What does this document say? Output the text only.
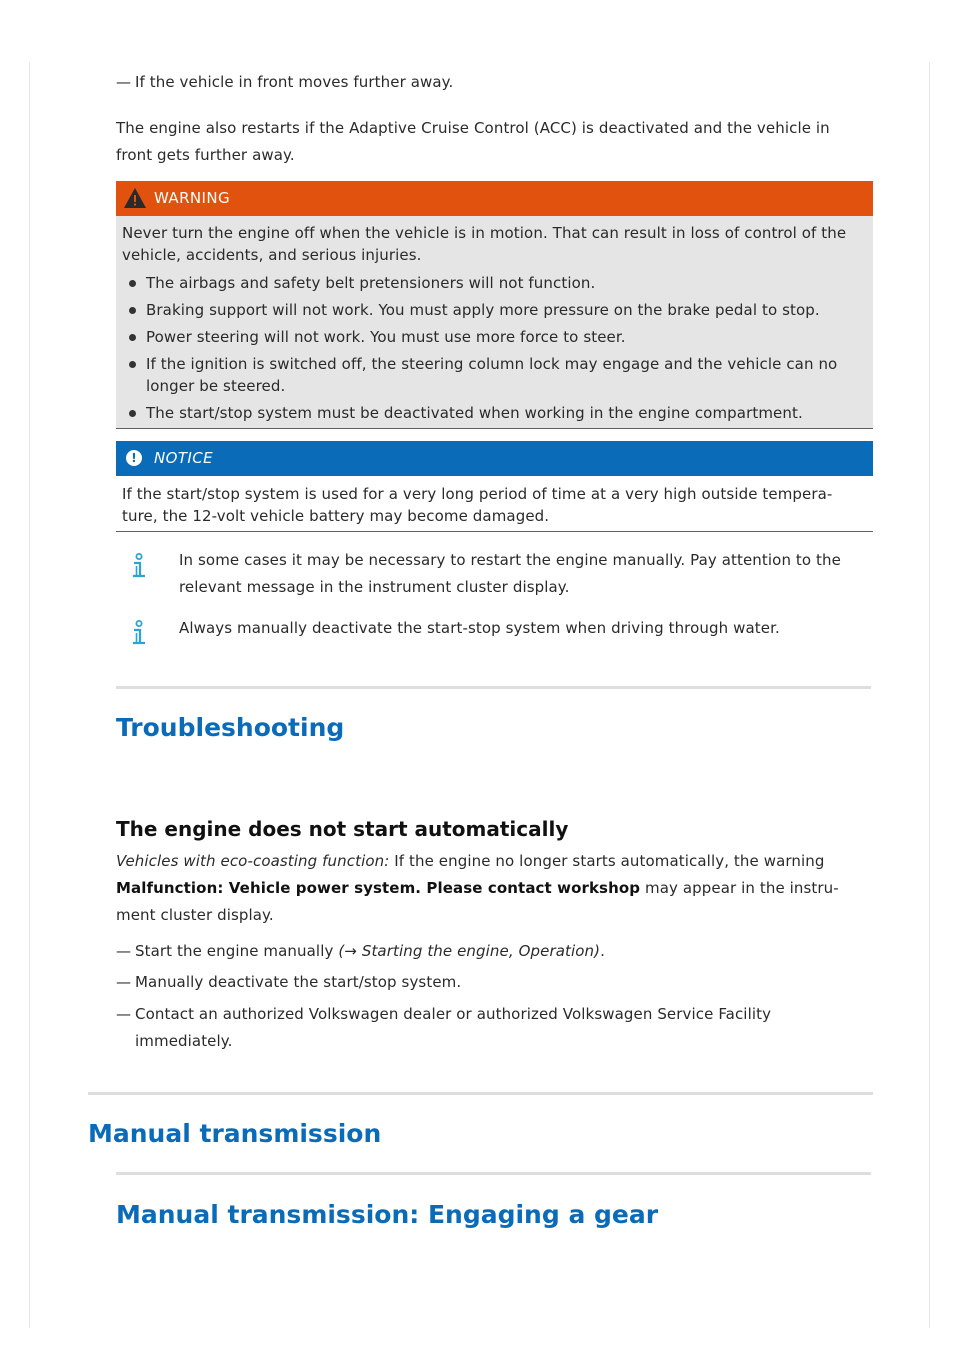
— If the vehicle in front moves further away.

The engine also restarts if the Adaptive Cruise Control (ACC) is deactivated and the vehicle in

front gets further away.

WARNING

Never turn the engine off when the vehicle is in motion. That can result in loss of control of the

vehicle, accidents, and serious injuries.

The airbags and safety belt pretensioners will not function.

Braking support will not work. You must apply more pressure on the brake pedal to stop.

Power steering will not work. You must use more force to steer.

If the ignition is switched off, the steering column lock may engage and the vehicle can no

longer be steered.

The start/stop system must be deactivated when working in the engine compartment.

!	NOTICE

If the start/stop system is used for a very long period of time at a very high outside tempera-

ture, the 12-volt vehicle battery may become damaged.

In some cases it may be necessary to restart the engine manually. Pay attention to the

relevant message in the instrument cluster display.

Always manually deactivate the start-stop system when driving through water.

Troubleshooting
The engine does not start automatically

Vehicles with eco-coasting function: If the engine no longer starts automatically, the warning

Malfunction: Vehicle power system. Please contact workshop may appear in the instru-

ment cluster display.

— Start the engine manually (→ Starting the engine, Operation).

— Manually deactivate the start/stop system.

— Contact an authorized Volkswagen dealer or authorized Volkswagen Service Facility

immediately.

Manual transmission
Manual transmission: Engaging a gear
